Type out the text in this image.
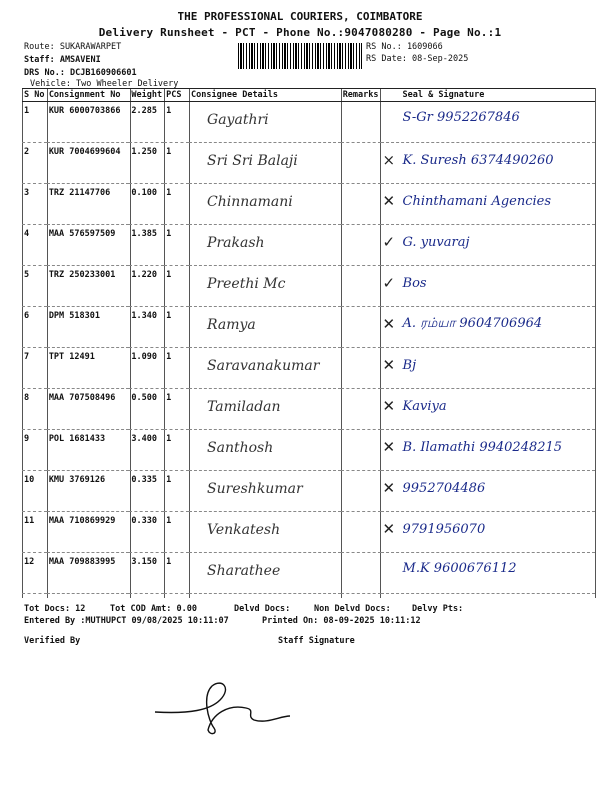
THE PROFESSIONAL COURIERS, COIMBATORE
Delivery Runsheet - PCT - Phone No.:9047080280 - Page No.:1
Route: SUKARAWARPET
Staff: AMSAVENI
DRS No.: DCJB160906601
Vehicle: Two Wheeler Delivery
RS No.: 1609066
RS Date: 08-Sep-2025
S No	Consignment No	Weight	PCS	Consignee Details	Remarks	Seal & Signature
1	KUR 6000703866	2.285	1	Gayathri		S-Gr 9952267846

2	KUR 7004699604	1.250	1	Sri Sri Balaji		× K. Suresh 6374490260

3	TRZ 21147706	0.100	1	Chinnamani		✕ Chinthamani Agencies

4	MAA 576597509	1.385	1	Prakash		✓ G. yuvaraj

5	TRZ 250233001	1.220	1	Preethi Mc		✓ Bos

6	DPM 518301	1.340	1	Ramya		✕ A. ரம்யா 9604706964

7	TPT 12491	1.090	1	Saravanakumar		✕ Bj

8	MAA 707508496	0.500	1	Tamiladan		✕ Kaviya

9	POL 1681433	3.400	1	Santhosh		✕ B. Ilamathi 9940248215

10	KMU 3769126	0.335	1	Sureshkumar		✕ 9952704486

11	MAA 710869929	0.330	1	Venkatesh		✕ 9791956070

12	MAA 709883995	3.150	1	Sharathee		M.K 9600676112
Tot Docs: 12	Tot COD Amt: 0.00	Delvd Docs:	Non Delvd Docs: Delvy Pts:
Entered By :MUTHUPCT 09/08/2025 10:11:07	Printed On: 08-09-2025 10:11:12
Verified By	Staff Signature
